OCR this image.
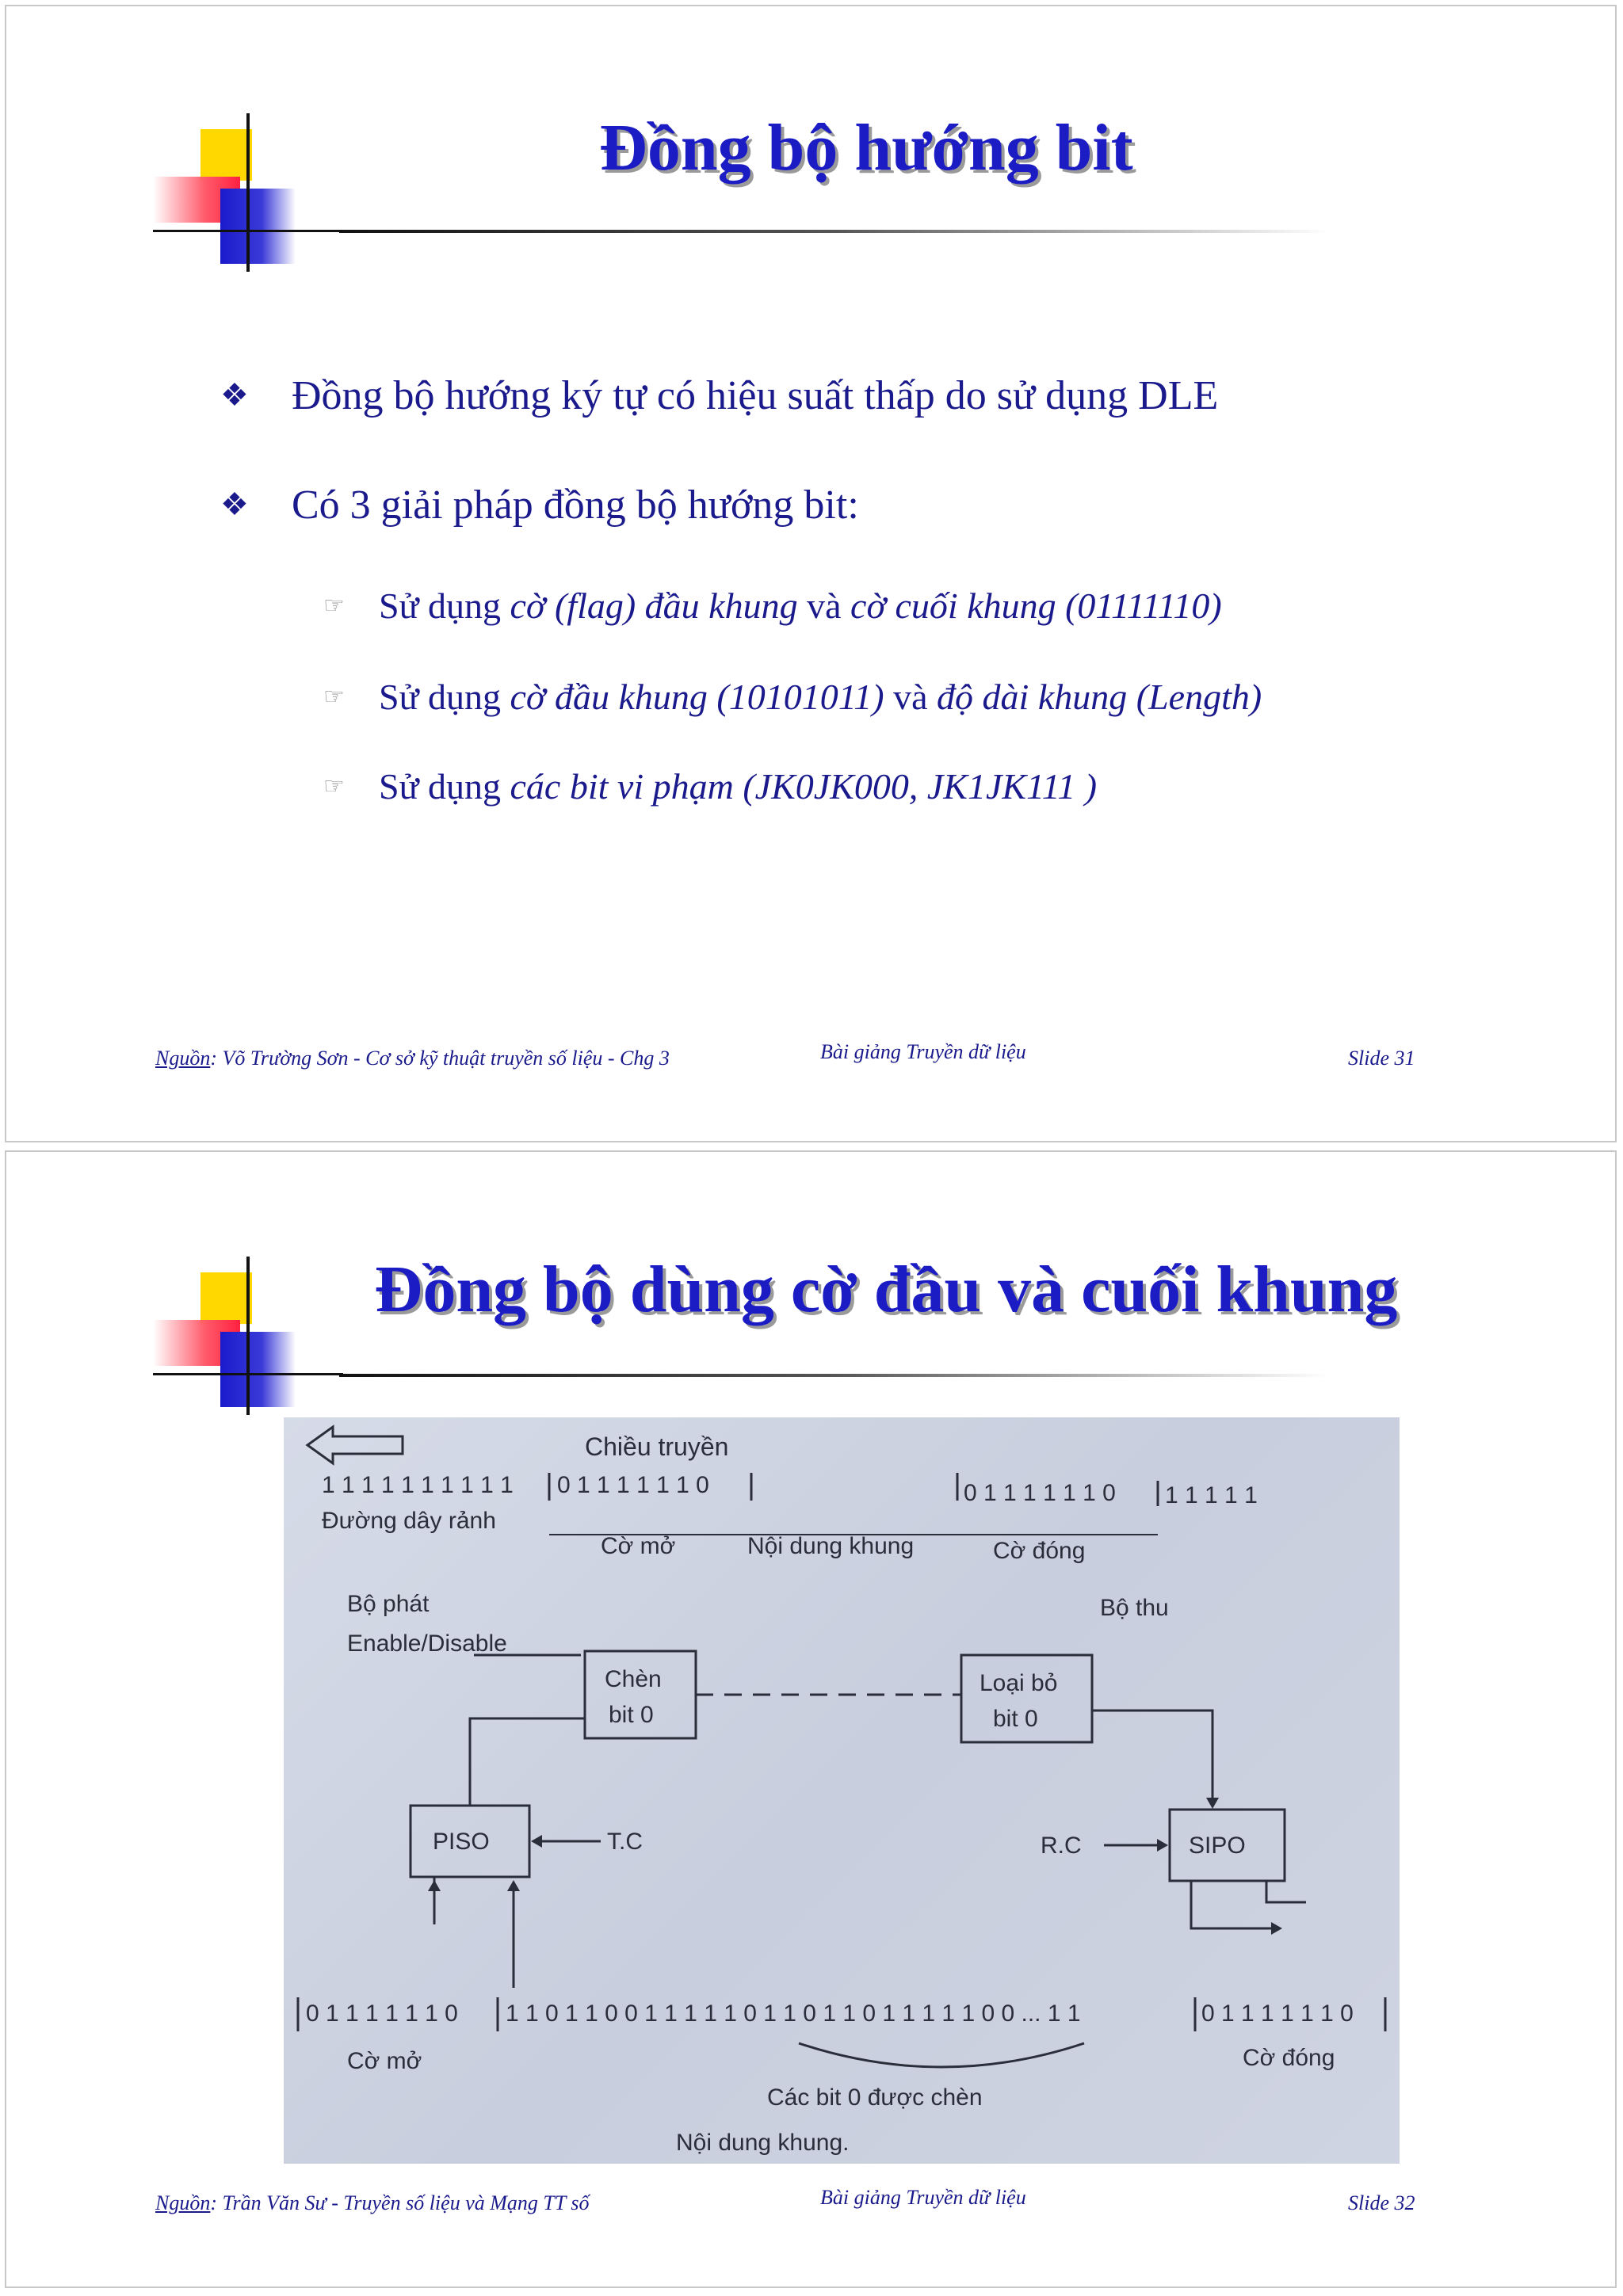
Đồng bộ hướng bit
❖ Đồng bộ hướng ký tự có hiệu suất thấp do sử dụng DLE
❖ Có 3 giải pháp đồng bộ hướng bit:
☞ Sử dụng cờ (flag) đầu khung và cờ cuối khung (01111110)
☞ Sử dụng cờ đầu khung (10101011) và độ dài khung (Length)
☞ Sử dụng các bit vi phạm (JK0JK000, JK1JK111 )
Nguồn: Võ Trường Sơn - Cơ sở kỹ thuật truyền số liệu - Chg 3	Bài giảng Truyền dữ liệu	Slide 31
Đồng bộ dùng cờ đầu và cuối khung
Chiều truyền
1 1 1 1 1 1 1 1 1 1 0 1 1 1 1 1 1 0	0 1 1 1 1 1 1 0 1 1 1 1 1
Đường dây rảnh
Cờ mở	Nội dung khung	Cờ đóng
Bộ phát
Enable/Disable
Bộ thu
Chèn
bit 0
Loại bỏ
bit 0
PISO	T.C	SIPO
R.C
0 1 1 1 1 1 1 0 1 1 0 1 1 0 0 1 1 1 1 1 0 1 1 0 1 1 0 1 1 1 1 1 0 0 ... 1 1	0 1 1 1 1 1 1 0
Cờ mở	Cờ đóng
Các bit 0 được chèn
Nội dung khung.
Nguồn: Trần Văn Sư - Truyền số liệu và Mạng TT số	Bài giảng Truyền dữ liệu	Slide 32
